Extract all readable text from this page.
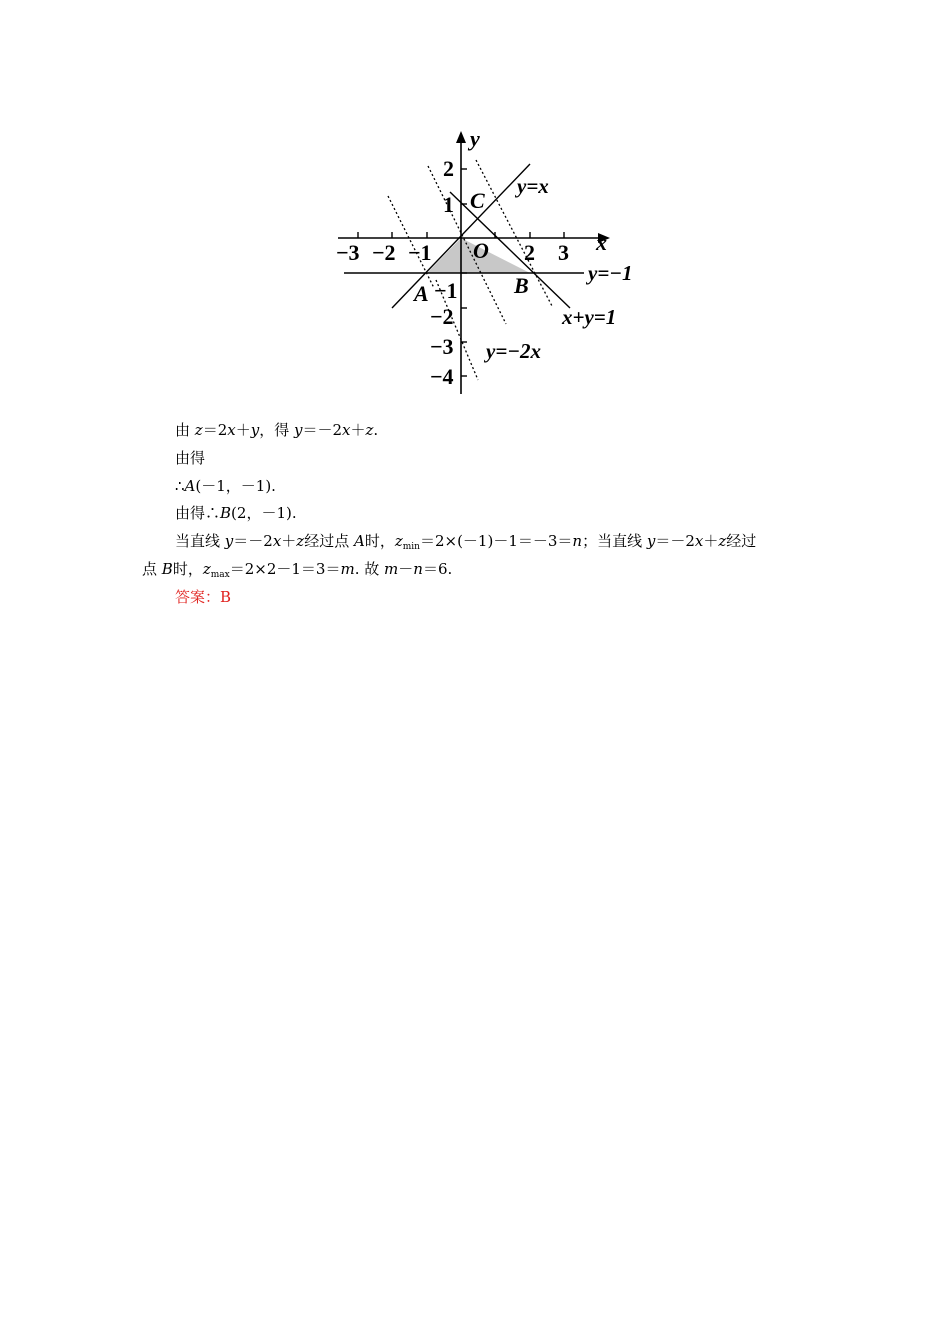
x
y
−3 −2 −1	2 3
2
1
−1
−2
−3
−4
O
A	B
C
y=x
y=−1
x+y=1
y=−2x
由 z＝2x＋y，得 y＝－2x＋z.
由得
∴A(－1，－1).
由得∴B(2，－1).
当直线 y＝－2x＋z经过点 A时，$z_{min}=2\times(-1)-1=-3=n$；当直线 y＝－2x＋z经过
点 B时，$z_{max}=2\times 2-1=3=m$. 故 m－n＝6.
答案：B
